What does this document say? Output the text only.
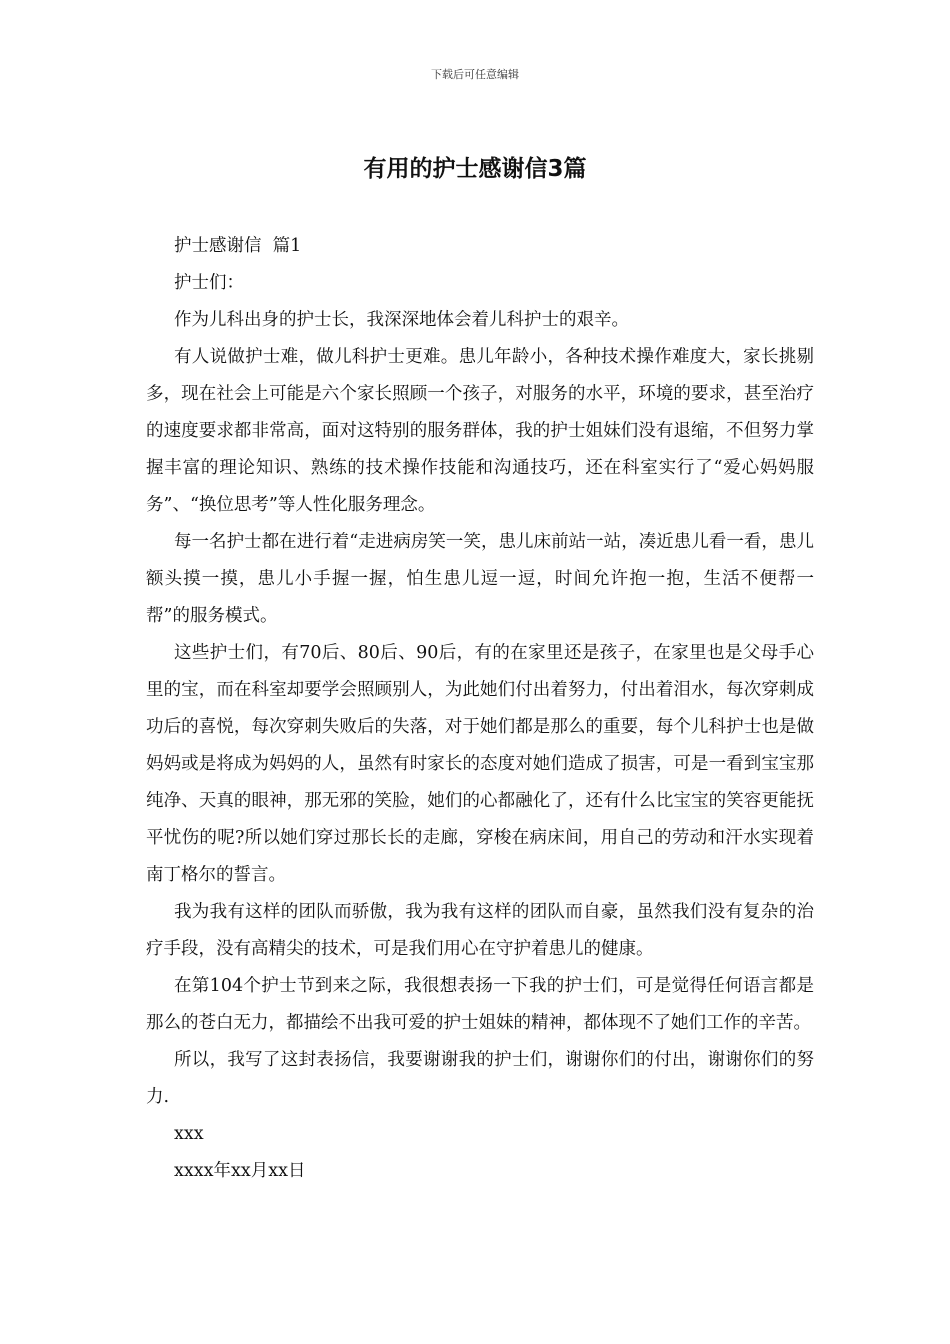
下载后可任意编辑
有用的护士感谢信3篇

护士感谢信  篇1

护士们：

作为儿科出身的护士长，我深深地体会着儿科护士的艰辛。

有人说做护士难，做儿科护士更难。患儿年龄小，各种技术操作难度大，家长挑剔多，现在社会上可能是六个家长照顾一个孩子，对服务的水平，环境的要求，甚至治疗的速度要求都非常高，面对这特别的服务群体，我的护士姐妹们没有退缩，不但努力掌握丰富的理论知识、熟练的技术操作技能和沟通技巧，还在科室实行了“爱心妈妈服务”、“换位思考”等人性化服务理念。

每一名护士都在进行着“走进病房笑一笑，患儿床前站一站，凑近患儿看一看，患儿额头摸一摸，患儿小手握一握，怕生患儿逗一逗，时间允许抱一抱，生活不便帮一帮”的服务模式。

这些护士们，有70后、80后、90后，有的在家里还是孩子，在家里也是父母手心里的宝，而在科室却要学会照顾别人，为此她们付出着努力，付出着泪水，每次穿刺成功后的喜悦，每次穿刺失败后的失落，对于她们都是那么的重要，每个儿科护士也是做妈妈或是将成为妈妈的人，虽然有时家长的态度对她们造成了损害，可是一看到宝宝那纯净、天真的眼神，那无邪的笑脸，她们的心都融化了，还有什么比宝宝的笑容更能抚平忧伤的呢?所以她们穿过那长长的走廊，穿梭在病床间，用自己的劳动和汗水实现着南丁格尔的誓言。

我为我有这样的团队而骄傲，我为我有这样的团队而自豪，虽然我们没有复杂的治疗手段，没有高精尖的技术，可是我们用心在守护着患儿的健康。

在第104个护士节到来之际，我很想表扬一下我的护士们，可是觉得任何语言都是那么的苍白无力，都描绘不出我可爱的护士姐妹的精神，都体现不了她们工作的辛苦。

所以，我写了这封表扬信，我要谢谢我的护士们，谢谢你们的付出，谢谢你们的努力.

xxx

xxxx年xx月xx日
